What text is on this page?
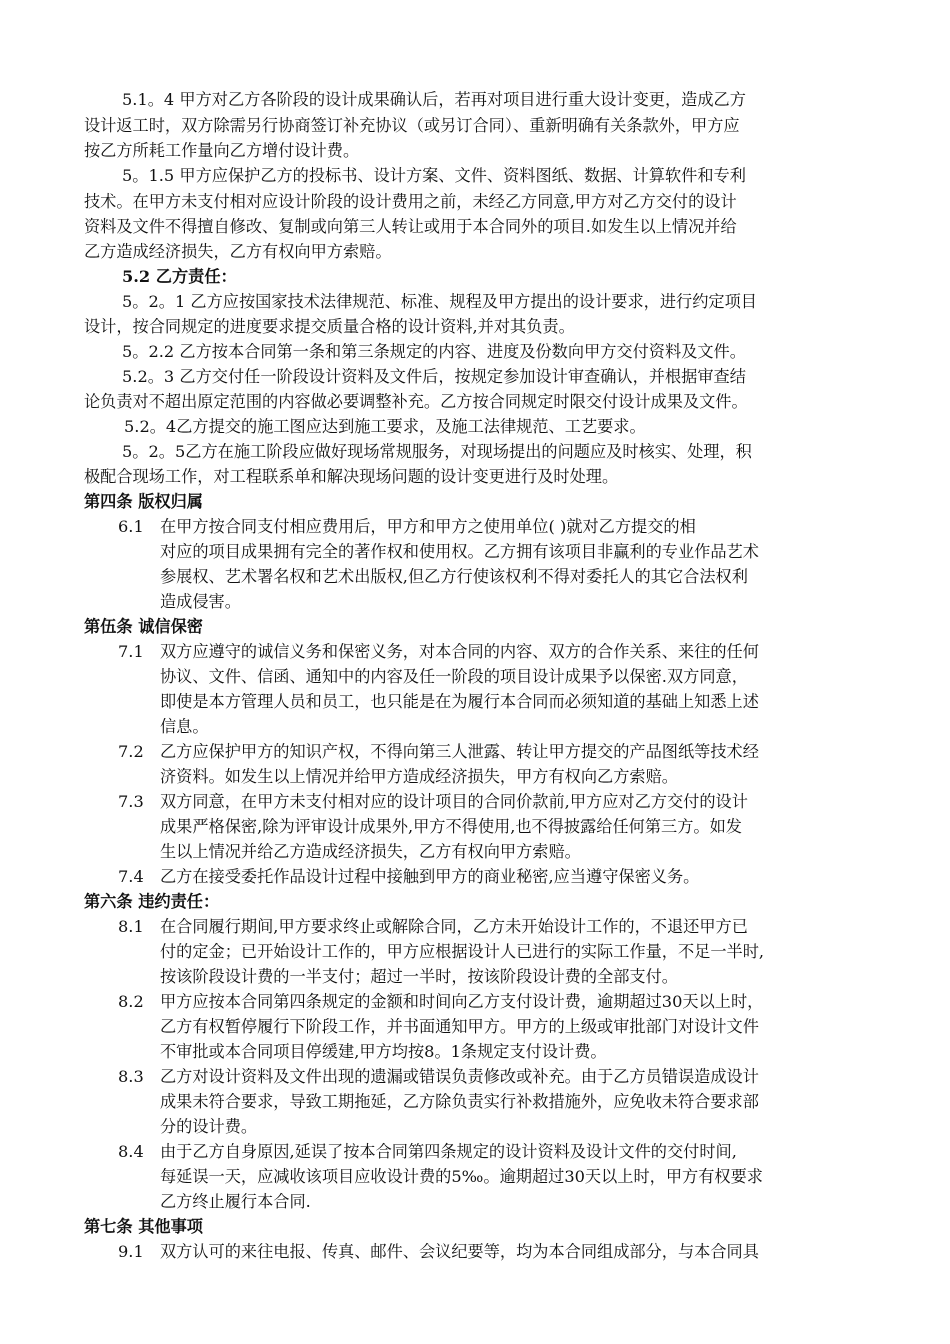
5.1。4 甲方对乙方各阶段的设计成果确认后，若再对项目进行重大设计变更，造成乙方
设计返工时，双方除需另行协商签订补充协议（或另订合同）、重新明确有关条款外，甲方应
按乙方所耗工作量向乙方增付设计费。
5。1.5 甲方应保护乙方的投标书、设计方案、文件、资料图纸、数据、计算软件和专利
技术。在甲方未支付相对应设计阶段的设计费用之前，未经乙方同意,甲方对乙方交付的设计
资料及文件不得擅自修改、复制或向第三人转让或用于本合同外的项目.如发生以上情况并给
乙方造成经济损失，乙方有权向甲方索赔。
5.2 乙方责任：
5。2。1 乙方应按国家技术法律规范、标准、规程及甲方提出的设计要求，进行约定项目
设计，按合同规定的进度要求提交质量合格的设计资料,并对其负责。
5。2.2 乙方按本合同第一条和第三条规定的内容、进度及份数向甲方交付资料及文件。
5.2。3 乙方交付任一阶段设计资料及文件后，按规定参加设计审查确认，并根据审查结
论负责对不超出原定范围的内容做必要调整补充。乙方按合同规定时限交付设计成果及文件。
5.2。4乙方提交的施工图应达到施工要求，及施工法律规范、工艺要求。
5。2。5乙方在施工阶段应做好现场常规服务，对现场提出的问题应及时核实、处理，积
极配合现场工作，对工程联系单和解决现场问题的设计变更进行及时处理。
第四条 版权归属
6.1 在甲方按合同支付相应费用后，甲方和甲方之使用单位( )就对乙方提交的相
对应的项目成果拥有完全的著作权和使用权。乙方拥有该项目非赢利的专业作品艺术
参展权、艺术署名权和艺术出版权,但乙方行使该权利不得对委托人的其它合法权利
造成侵害。
第伍条 诚信保密
7.1 双方应遵守的诚信义务和保密义务，对本合同的内容、双方的合作关系、来往的任何
协议、文件、信函、通知中的内容及任一阶段的项目设计成果予以保密.双方同意，
即使是本方管理人员和员工，也只能是在为履行本合同而必须知道的基础上知悉上述
信息。
7.2 乙方应保护甲方的知识产权，不得向第三人泄露、转让甲方提交的产品图纸等技术经
济资料。如发生以上情况并给甲方造成经济损失，甲方有权向乙方索赔。
7.3 双方同意，在甲方未支付相对应的设计项目的合同价款前,甲方应对乙方交付的设计
成果严格保密,除为评审设计成果外,甲方不得使用,也不得披露给任何第三方。如发
生以上情况并给乙方造成经济损失，乙方有权向甲方索赔。
7.4 乙方在接受委托作品设计过程中接触到甲方的商业秘密,应当遵守保密义务。
第六条 违约责任：
8.1 在合同履行期间,甲方要求终止或解除合同，乙方未开始设计工作的，不退还甲方已
付的定金；已开始设计工作的，甲方应根据设计人已进行的实际工作量，不足一半时,
按该阶段设计费的一半支付；超过一半时，按该阶段设计费的全部支付。
8.2 甲方应按本合同第四条规定的金额和时间向乙方支付设计费，逾期超过30天以上时，
乙方有权暂停履行下阶段工作，并书面通知甲方。甲方的上级或审批部门对设计文件
不审批或本合同项目停缓建,甲方均按8。1条规定支付设计费。
8.3 乙方对设计资料及文件出现的遗漏或错误负责修改或补充。由于乙方员错误造成设计
成果未符合要求，导致工期拖延，乙方除负责实行补救措施外，应免收未符合要求部
分的设计费。
8.4 由于乙方自身原因,延误了按本合同第四条规定的设计资料及设计文件的交付时间,
每延误一天，应减收该项目应收设计费的5‰。逾期超过30天以上时，甲方有权要求
乙方终止履行本合同.
第七条 其他事项
9.1 双方认可的来往电报、传真、邮件、会议纪要等，均为本合同组成部分，与本合同具
